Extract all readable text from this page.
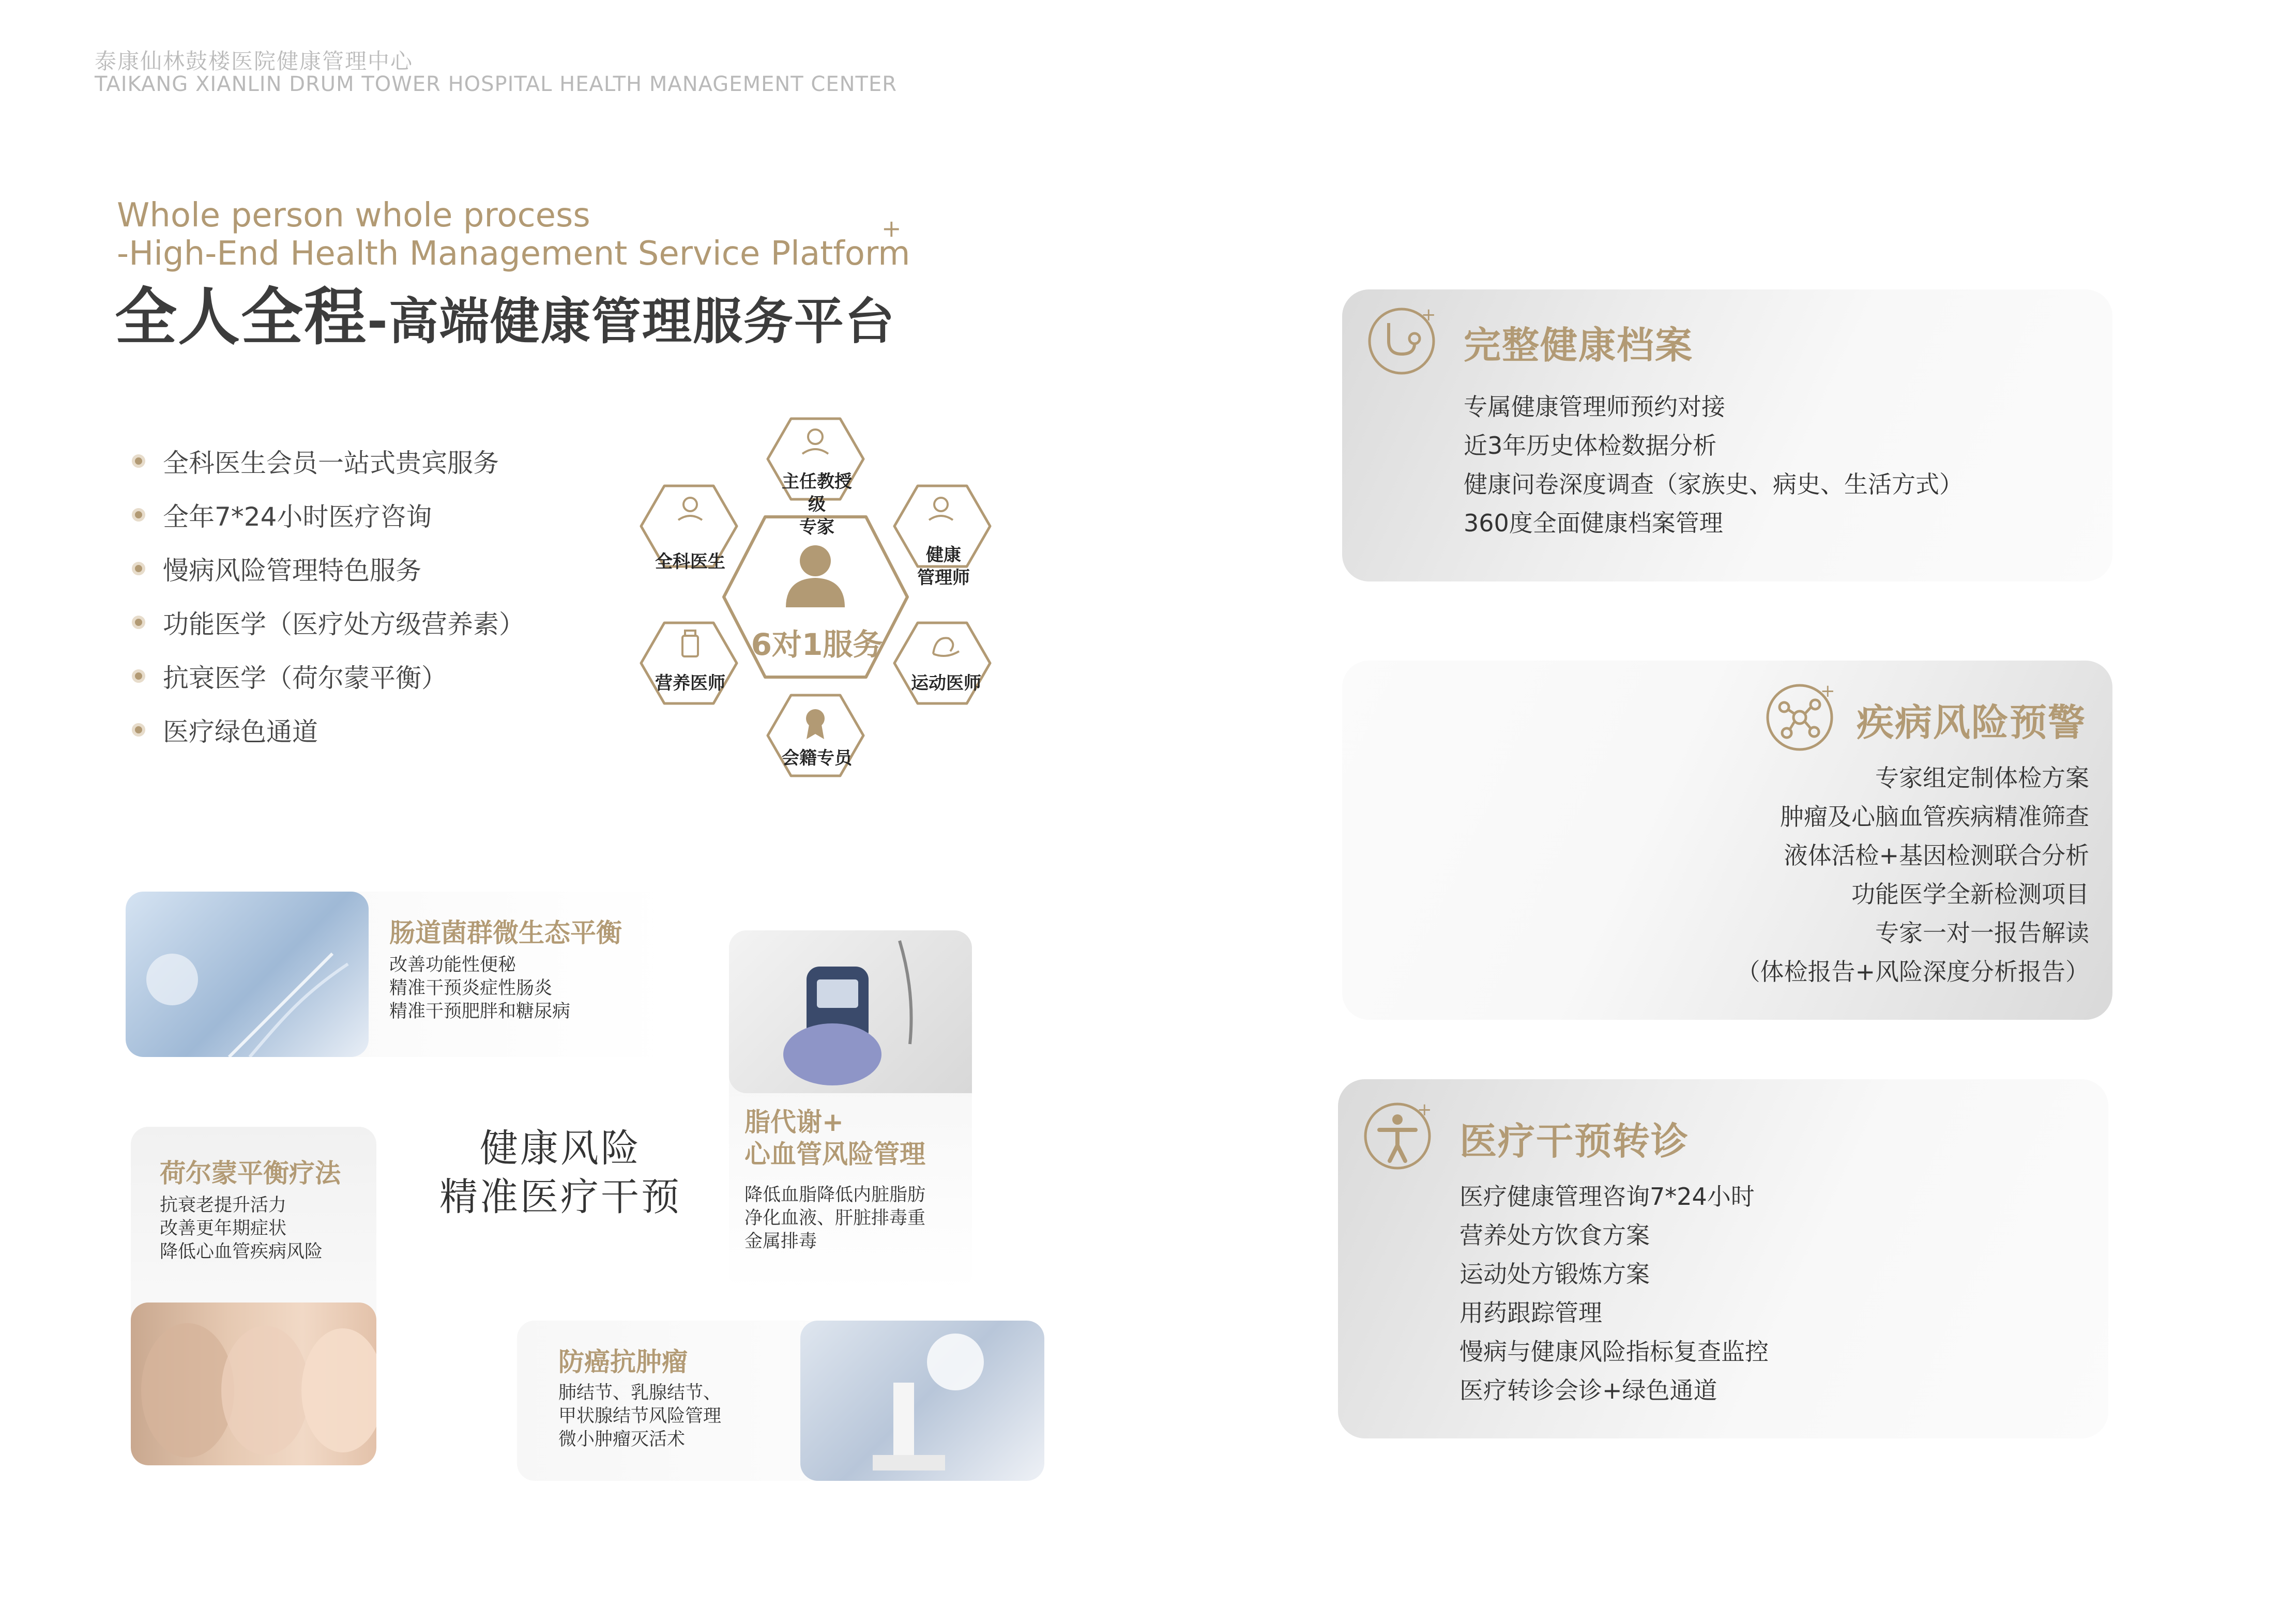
泰康仙林鼓楼医院健康管理中心
TAIKANG XIANLIN DRUM TOWER HOSPITAL HEALTH MANAGEMENT CENTER
Whole person whole process
-High-End Health Management Service Platform
+
全人全程-高端健康管理服务平台
全科医生会员一站式贵宾服务
全年7*24小时医疗咨询
慢病风险管理特色服务
功能医学（医疗处方级营养素）
抗衰医学（荷尔蒙平衡）
医疗绿色通道
主任教授级
专家
全科医生	健康
管理师
营养医师	运动医师
会籍专员
6对1服务
肠道菌群微生态平衡
改善功能性便秘
精准干预炎症性肠炎
精准干预肥胖和糖尿病
脂代谢+
心血管风险管理
降低血脂降低内脏脂肪
净化血液、肝脏排毒重
金属排毒
荷尔蒙平衡疗法
抗衰老提升活力
改善更年期症状
降低心血管疾病风险
健康风险
精准医疗干预
防癌抗肿瘤
肺结节、乳腺结节、
甲状腺结节风险管理
微小肿瘤灭活术
+
完整健康档案
专属健康管理师预约对接
近3年历史体检数据分析
健康问卷深度调查（家族史、病史、生活方式）
360度全面健康档案管理
+
疾病风险预警
专家组定制体检方案
肿瘤及心脑血管疾病精准筛查
液体活检+基因检测联合分析
功能医学全新检测项目
专家一对一报告解读
（体检报告+风险深度分析报告）
+
医疗干预转诊
医疗健康管理咨询7*24小时
营养处方饮食方案
运动处方锻炼方案
用药跟踪管理
慢病与健康风险指标复查监控
医疗转诊会诊+绿色通道
